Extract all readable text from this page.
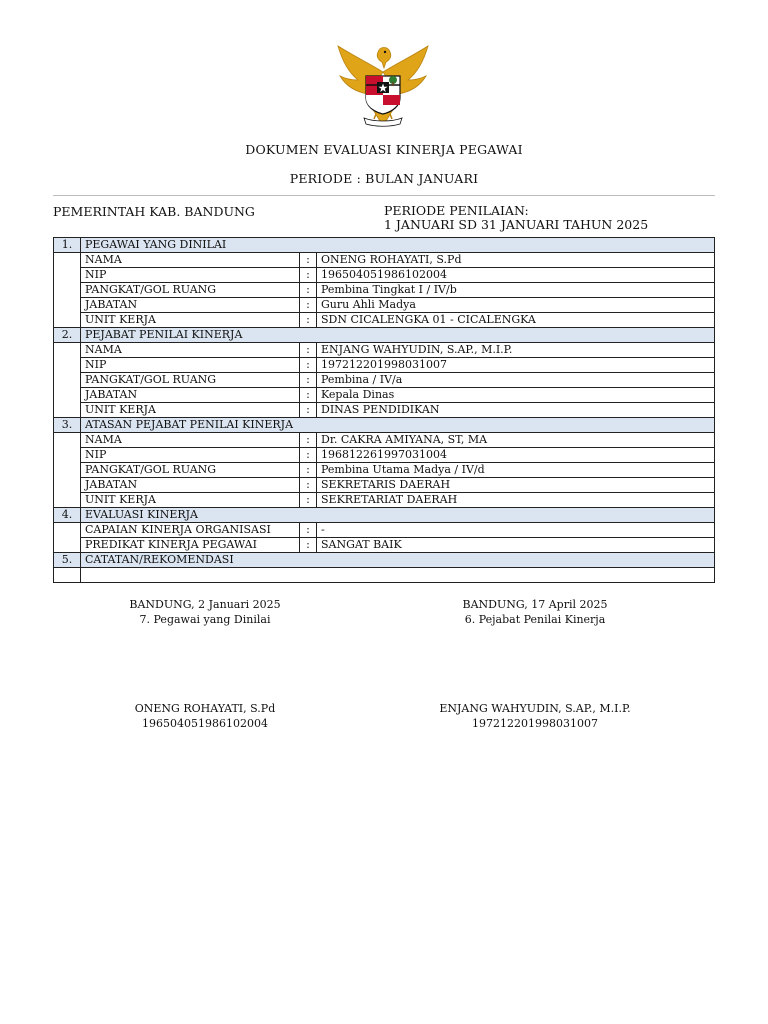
DOKUMEN EVALUASI KINERJA PEGAWAI
PERIODE : BULAN JANUARI
PEMERINTAH KAB. BANDUNG	PERIODE PENILAIAN:
1 JANUARI SD 31 JANUARI TAHUN 2025
1.	PEGAWAI YANG DINILAI		
	NAMA	:	ONENG ROHAYATI, S.Pd
	NIP	:	196504051986102004
	PANGKAT/GOL RUANG	:	Pembina Tingkat I / IV/b
	JABATAN	:	Guru Ahli Madya
	UNIT KERJA	:	SDN CICALENGKA 01 - CICALENGKA
2.	PEJABAT PENILAI KINERJA		
	NAMA	:	ENJANG WAHYUDIN, S.AP., M.I.P.
	NIP	:	197212201998031007
	PANGKAT/GOL RUANG	:	Pembina / IV/a
	JABATAN	:	Kepala Dinas
	UNIT KERJA	:	DINAS PENDIDIKAN
3.	ATASAN PEJABAT PENILAI KINERJA		
	NAMA	:	Dr. CAKRA AMIYANA, ST, MA
	NIP	:	196812261997031004
	PANGKAT/GOL RUANG	:	Pembina Utama Madya / IV/d
	JABATAN	:	SEKRETARIS DAERAH
	UNIT KERJA	:	SEKRETARIAT DAERAH
4.	EVALUASI KINERJA		
	CAPAIAN KINERJA ORGANISASI	:	-
	PREDIKAT KINERJA PEGAWAI	:	SANGAT BAIK
5.	CATATAN/REKOMENDASI		

BANDUNG, 2 Januari 2025
7. Pegawai yang Dinilai
BANDUNG, 17 April 2025
6. Pejabat Penilai Kinerja
ONENG ROHAYATI, S.Pd
196504051986102004
ENJANG WAHYUDIN, S.AP., M.I.P.
197212201998031007
